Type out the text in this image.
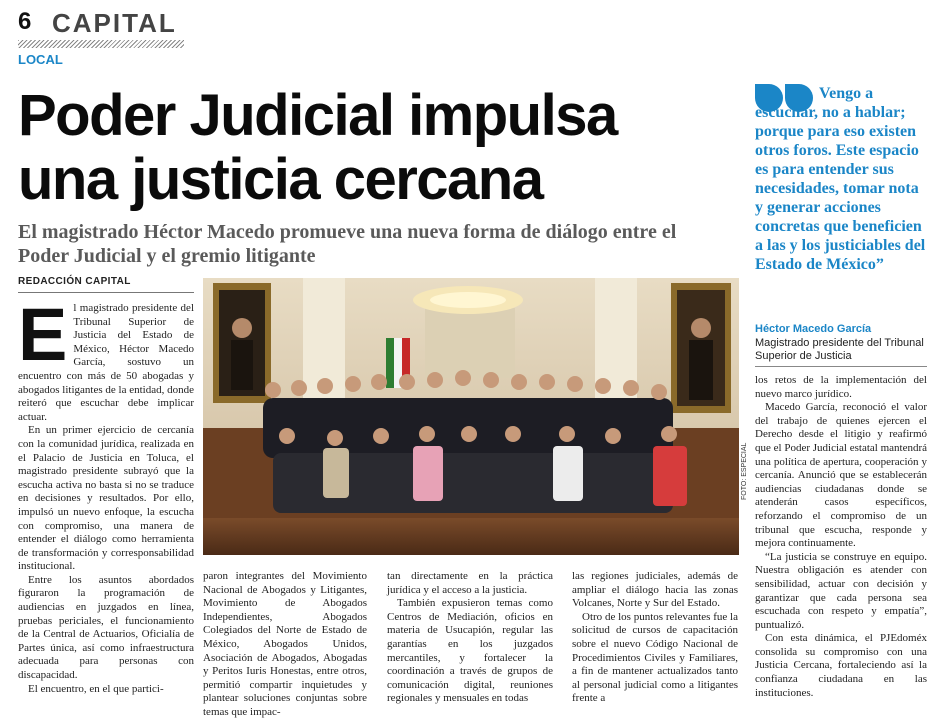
6 CAPITAL
LOCAL
Poder Judicial impulsa
una justicia cercana
El magistrado Héctor Macedo promueve una nueva forma de diálogo entre el Poder Judicial y el gremio litigante
REDACCIÓN CAPITAL
E l magistrado presidente del Tribunal Superior de Justicia del Estado de México, Héctor Macedo García, sostuvo un encuentro con más de 50 abogadas y abogados litigantes de la entidad, donde reiteró que escuchar debe implicar actuar.

En un primer ejercicio de cercanía con la comunidad jurídica, realizada en el Palacio de Justicia en Toluca, el magistrado presidente subrayó que la escucha activa no basta si no se traduce en decisiones y resultados. Por ello, impulsó un nuevo enfoque, la escucha con compromiso, una manera de entender el diálogo como herramienta de transformación y corresponsabilidad institucional.

Entre los asuntos abordados figuraron la programación de audiencias en juzgados en línea, pruebas periciales, el funcionamiento de la Central de Actuarios, Oficialía de Partes única, así como infraestructura adecuada para personas con discapacidad.

El encuentro, en el que partici-

FOTO: ESPECIAL

paron integrantes del Movimiento Nacional de Abogados y Litigantes, Movimiento de Abogados Independientes, Abogados Colegiados del Norte de Estado de México, Abogados Unidos, Asociación de Abogados, Abogadas y Peritos Iuris Honestas, entre otros, permitió compartir inquietudes y plantear soluciones conjuntas sobre temas que impac-

tan directamente en la práctica jurídica y el acceso a la justicia.

También expusieron temas como Centros de Mediación, oficios en materia de Usucapión, regular las garantías en los juzgados mercantiles, y fortalecer la coordinación a través de grupos de comunicación digital, reuniones regionales y mensuales en todas

las regiones judiciales, además de ampliar el diálogo hacia las zonas Volcanes, Norte y Sur del Estado.

Otro de los puntos relevantes fue la solicitud de cursos de capacitación sobre el nuevo Código Nacional de Procedimientos Civiles y Familiares, a fin de mantener actualizados tanto al personal judicial como a litigantes frente a

Vengo a escuchar, no a hablar; porque para eso existen otros foros. Este espacio es para entender sus necesidades, tomar nota y generar acciones concretas que beneficien a las y los justiciables del Estado de México”
Héctor Macedo García
Magistrado presidente del Tribunal Superior de Justicia

los retos de la implementación del nuevo marco jurídico.

Macedo García, reconoció el valor del trabajo de quienes ejercen el Derecho desde el litigio y reafirmó que el Poder Judicial estatal mantendrá una política de apertura, cooperación y cercanía. Anunció que se establecerán audiencias ciudadanas donde se atenderán casos específicos, reforzando el compromiso de un tribunal que escucha, responde y mejora continuamente.

“La justicia se construye en equipo. Nuestra obligación es atender con sensibilidad, actuar con decisión y garantizar que cada persona sea escuchada con respeto y empatía”, puntualizó.

Con esta dinámica, el PJEdoméx consolida su compromiso con una Justicia Cercana, fortaleciendo así la confianza ciudadana en las instituciones.
